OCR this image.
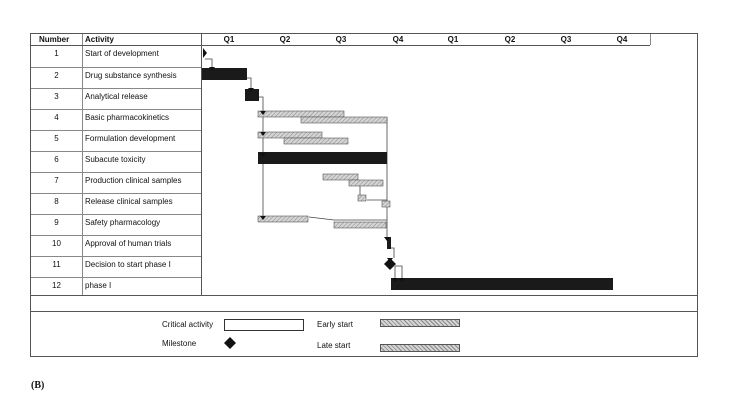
Number Activity	Q1	Q2	Q3	Q4	Q1	Q2	Q3	Q4
1	Start of development
2	Drug substance synthesis
3	Analytical release
4	Basic pharmacokinetics
5	Formulation development
6	Subacute toxicity
7	Production clinical samples
8	Release clinical samples
9	Safety pharmacology
10	Approval of human trials
11	Decision to start phase I
12	phase I
Critical activity
Milestone
Early start
Late start
(B)
